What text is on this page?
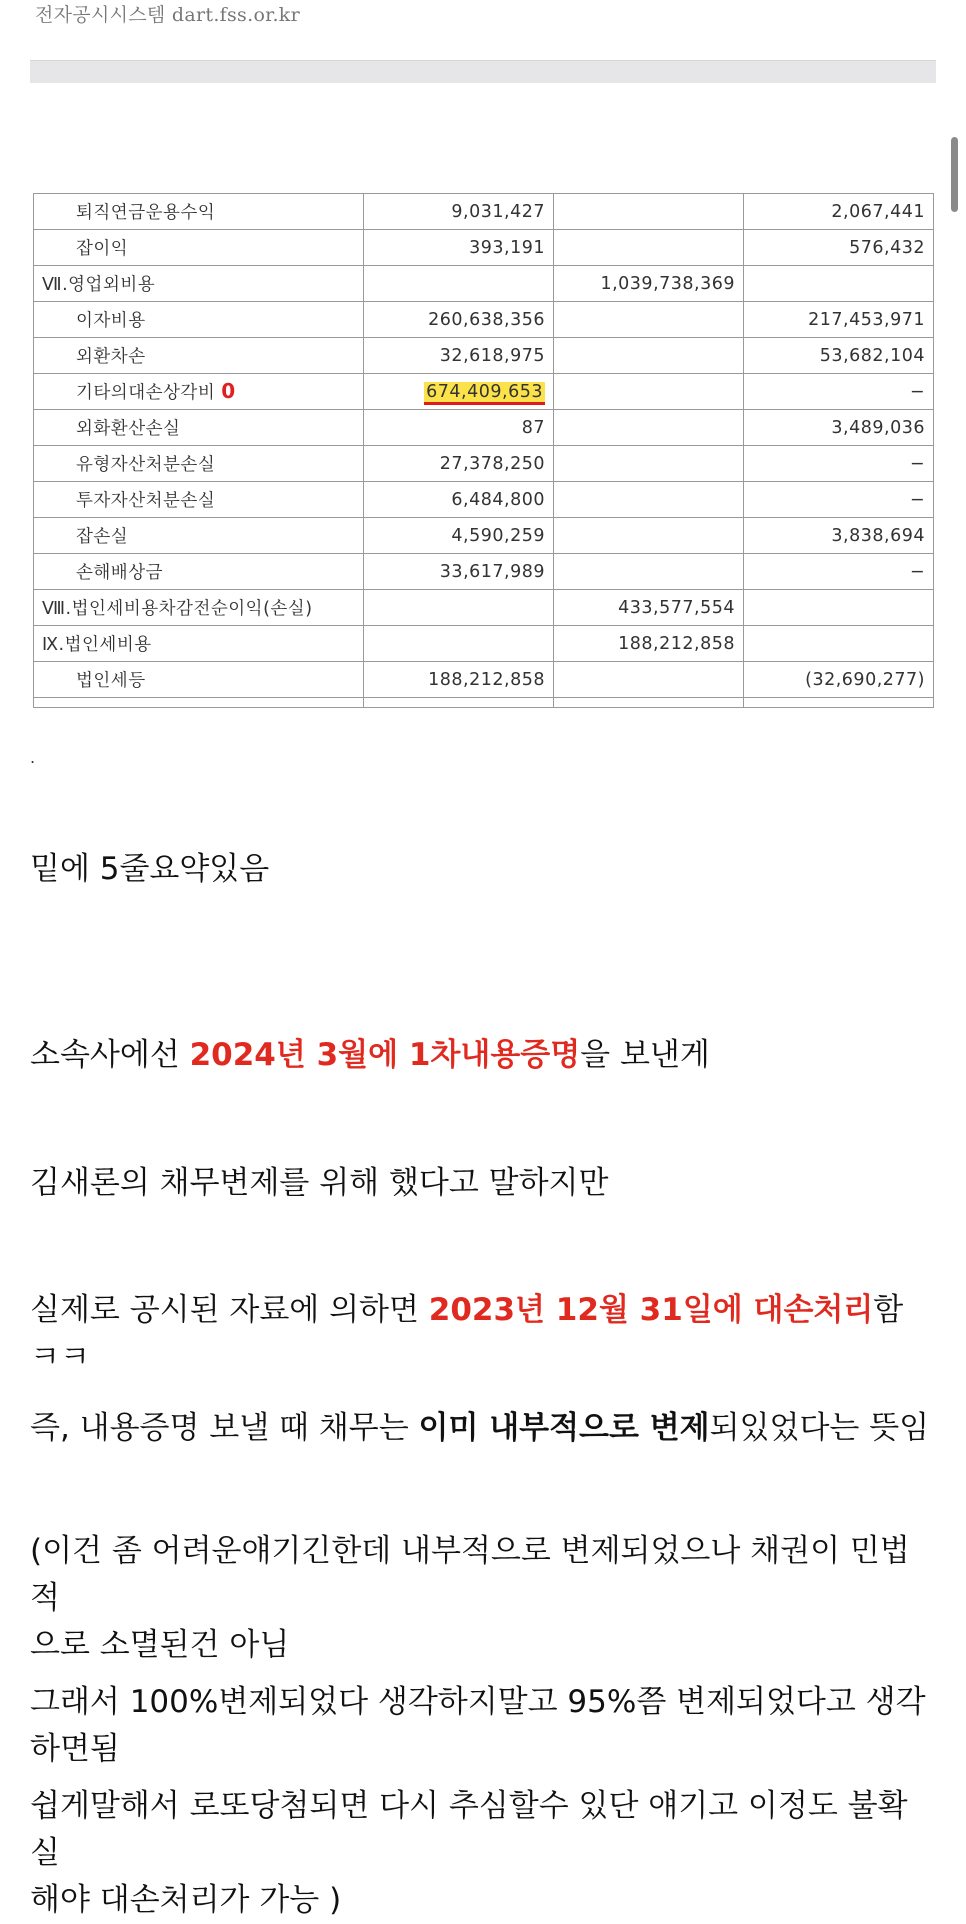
전자공시시스템 dart.fss.or.kr
퇴직연금운용수익	9,031,427		2,067,441
잡이익	393,191		576,432
Ⅶ.영업외비용		1,039,738,369	
이자비용	260,638,356		217,453,971
외환차손	32,618,975		53,682,104
기타의대손상각비 0	674,409,653		−
외화환산손실	87		3,489,036
유형자산처분손실	27,378,250		−
투자자산처분손실	6,484,800		−
잡손실	4,590,259		3,838,694
손해배상금	33,617,989		−
Ⅷ.법인세비용차감전순이익(손실)		433,577,554	
Ⅸ.법인세비용		188,212,858	
법인세등	188,212,858		(32,690,277)

.

밑에 5줄요약있음

소속사에선 2024년 3월에 1차내용증명을 보낸게

김새론의 채무변제를 위해 했다고 말하지만

실제로 공시된 자료에 의하면 2023년 12월 31일에 대손처리함 ㅋㅋ

즉, 내용증명 보낼 때 채무는 이미 내부적으로 변제되있었다는 뜻임

(이건 좀 어려운얘기긴한데 내부적으로 변제되었으나 채권이 민법적
으로 소멸된건 아님
그래서 100%변제되었다 생각하지말고 95%쯤 변제되었다고 생각
하면됨
쉽게말해서 로또당첨되면 다시 추심할수 있단 얘기고 이정도 불확실
해야 대손처리가 가능 )
